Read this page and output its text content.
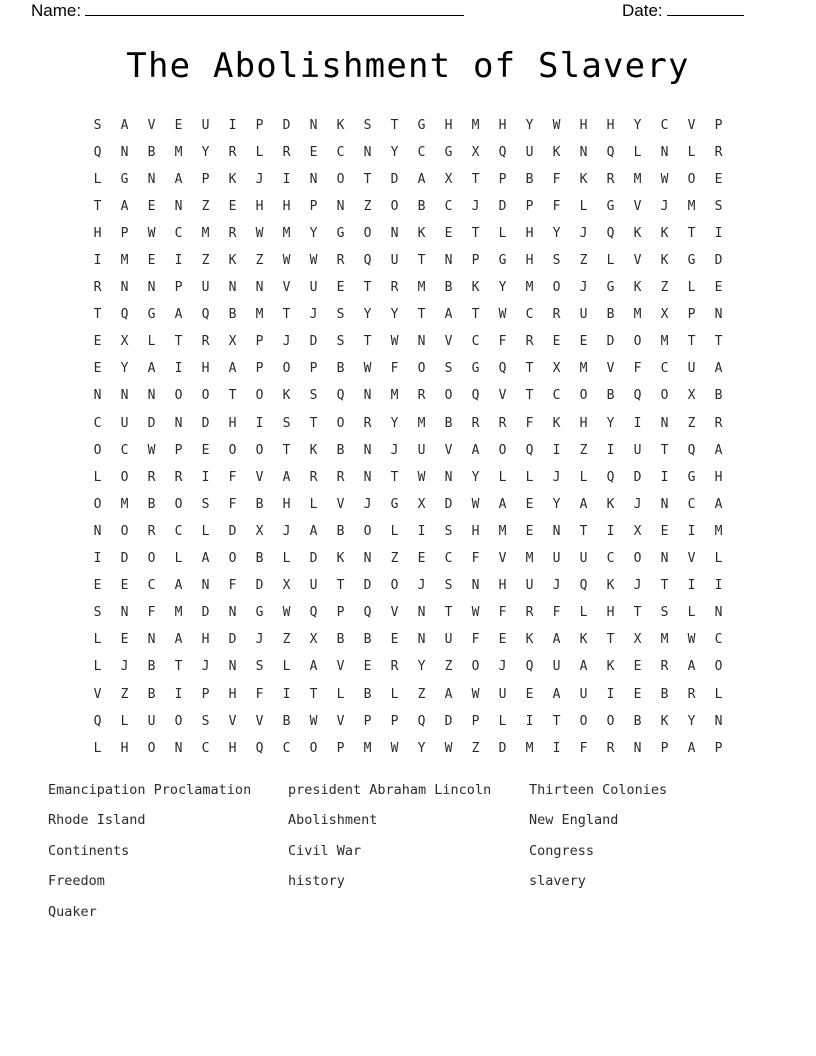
Name:	Date:
The Abolishment of Slavery
S	A	V	E	U	I	P	D	N	K	S	T	G	H	M	H	Y	W	H	H	Y	C	V	P
Q	N	B	M	Y	R	L	R	E	C	N	Y	C	G	X	Q	U	K	N	Q	L	N	L	R
L	G	N	A	P	K	J	I	N	O	T	D	A	X	T	P	B	F	K	R	M	W	O	E
T	A	E	N	Z	E	H	H	P	N	Z	O	B	C	J	D	P	F	L	G	V	J	M	S
H	P	W	C	M	R	W	M	Y	G	O	N	K	E	T	L	H	Y	J	Q	K	K	T	I
I	M	E	I	Z	K	Z	W	W	R	Q	U	T	N	P	G	H	S	Z	L	V	K	G	D
R	N	N	P	U	N	N	V	U	E	T	R	M	B	K	Y	M	O	J	G	K	Z	L	E
T	Q	G	A	Q	B	M	T	J	S	Y	Y	T	A	T	W	C	R	U	B	M	X	P	N
E	X	L	T	R	X	P	J	D	S	T	W	N	V	C	F	R	E	E	D	O	M	T	T
E	Y	A	I	H	A	P	O	P	B	W	F	O	S	G	Q	T	X	M	V	F	C	U	A
N	N	N	O	O	T	O	K	S	Q	N	M	R	O	Q	V	T	C	O	B	Q	O	X	B
C	U	D	N	D	H	I	S	T	O	R	Y	M	B	R	R	F	K	H	Y	I	N	Z	R
O	C	W	P	E	O	O	T	K	B	N	J	U	V	A	O	Q	I	Z	I	U	T	Q	A
L	O	R	R	I	F	V	A	R	R	N	T	W	N	Y	L	L	J	L	Q	D	I	G	H
O	M	B	O	S	F	B	H	L	V	J	G	X	D	W	A	E	Y	A	K	J	N	C	A
N	O	R	C	L	D	X	J	A	B	O	L	I	S	H	M	E	N	T	I	X	E	I	M
I	D	O	L	A	O	B	L	D	K	N	Z	E	C	F	V	M	U	U	C	O	N	V	L
E	E	C	A	N	F	D	X	U	T	D	O	J	S	N	H	U	J	Q	K	J	T	I	I
S	N	F	M	D	N	G	W	Q	P	Q	V	N	T	W	F	R	F	L	H	T	S	L	N
L	E	N	A	H	D	J	Z	X	B	B	E	N	U	F	E	K	A	K	T	X	M	W	C
L	J	B	T	J	N	S	L	A	V	E	R	Y	Z	O	J	Q	U	A	K	E	R	A	O
V	Z	B	I	P	H	F	I	T	L	B	L	Z	A	W	U	E	A	U	I	E	B	R	L
Q	L	U	O	S	V	V	B	W	V	P	P	Q	D	P	L	I	T	O	O	B	K	Y	N
L	H	O	N	C	H	Q	C	O	P	M	W	Y	W	Z	D	M	I	F	R	N	P	A	P
Emancipation Proclamation	president Abraham Lincoln	Thirteen Colonies
Rhode Island	Abolishment	New England
Continents	Civil War	Congress
Freedom	history	slavery
Quaker
